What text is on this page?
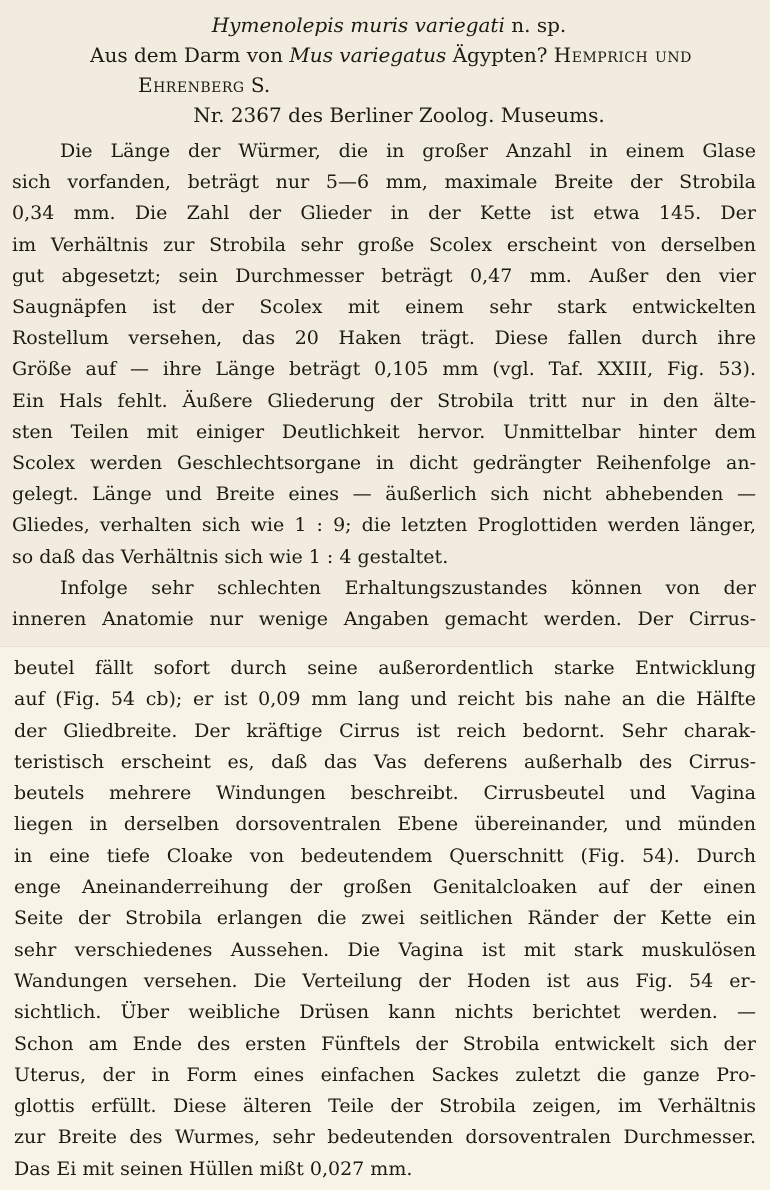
Hymenolepis muris variegati n. sp.
Aus dem Darm von Mus variegatus Ägypten? Hemprich und
Ehrenberg S.
Nr. 2367 des Berliner Zoolog. Museums.
Die Länge der Würmer, die in großer Anzahl in einem Glase
sich vorfanden, beträgt nur 5—6 mm, maximale Breite der Strobila
0,34 mm. Die Zahl der Glieder in der Kette ist etwa 145. Der
im Verhältnis zur Strobila sehr große Scolex erscheint von derselben
gut abgesetzt; sein Durchmesser beträgt 0,47 mm. Außer den vier
Saugnäpfen ist der Scolex mit einem sehr stark entwickelten
Rostellum versehen, das 20 Haken trägt. Diese fallen durch ihre
Größe auf — ihre Länge beträgt 0,105 mm (vgl. Taf. XXIII, Fig. 53).
Ein Hals fehlt. Äußere Gliederung der Strobila tritt nur in den älte-
sten Teilen mit einiger Deutlichkeit hervor. Unmittelbar hinter dem
Scolex werden Geschlechtsorgane in dicht gedrängter Reihenfolge an-
gelegt. Länge und Breite eines — äußerlich sich nicht abhebenden —
Gliedes, verhalten sich wie 1 : 9; die letzten Proglottiden werden länger,
so daß das Verhältnis sich wie 1 : 4 gestaltet.
Infolge sehr schlechten Erhaltungszustandes können von der
inneren Anatomie nur wenige Angaben gemacht werden. Der Cirrus-
beutel fällt sofort durch seine außerordentlich starke Entwicklung
auf (Fig. 54 cb); er ist 0,09 mm lang und reicht bis nahe an die Hälfte
der Gliedbreite. Der kräftige Cirrus ist reich bedornt. Sehr charak-
teristisch erscheint es, daß das Vas deferens außerhalb des Cirrus-
beutels mehrere Windungen beschreibt. Cirrusbeutel und Vagina
liegen in derselben dorsoventralen Ebene übereinander, und münden
in eine tiefe Cloake von bedeutendem Querschnitt (Fig. 54). Durch
enge Aneinanderreihung der großen Genitalcloaken auf der einen
Seite der Strobila erlangen die zwei seitlichen Ränder der Kette ein
sehr verschiedenes Aussehen. Die Vagina ist mit stark muskulösen
Wandungen versehen. Die Verteilung der Hoden ist aus Fig. 54 er-
sichtlich. Über weibliche Drüsen kann nichts berichtet werden. —
Schon am Ende des ersten Fünftels der Strobila entwickelt sich der
Uterus, der in Form eines einfachen Sackes zuletzt die ganze Pro-
glottis erfüllt. Diese älteren Teile der Strobila zeigen, im Verhältnis
zur Breite des Wurmes, sehr bedeutenden dorsoventralen Durchmesser.
Das Ei mit seinen Hüllen mißt 0,027 mm.
